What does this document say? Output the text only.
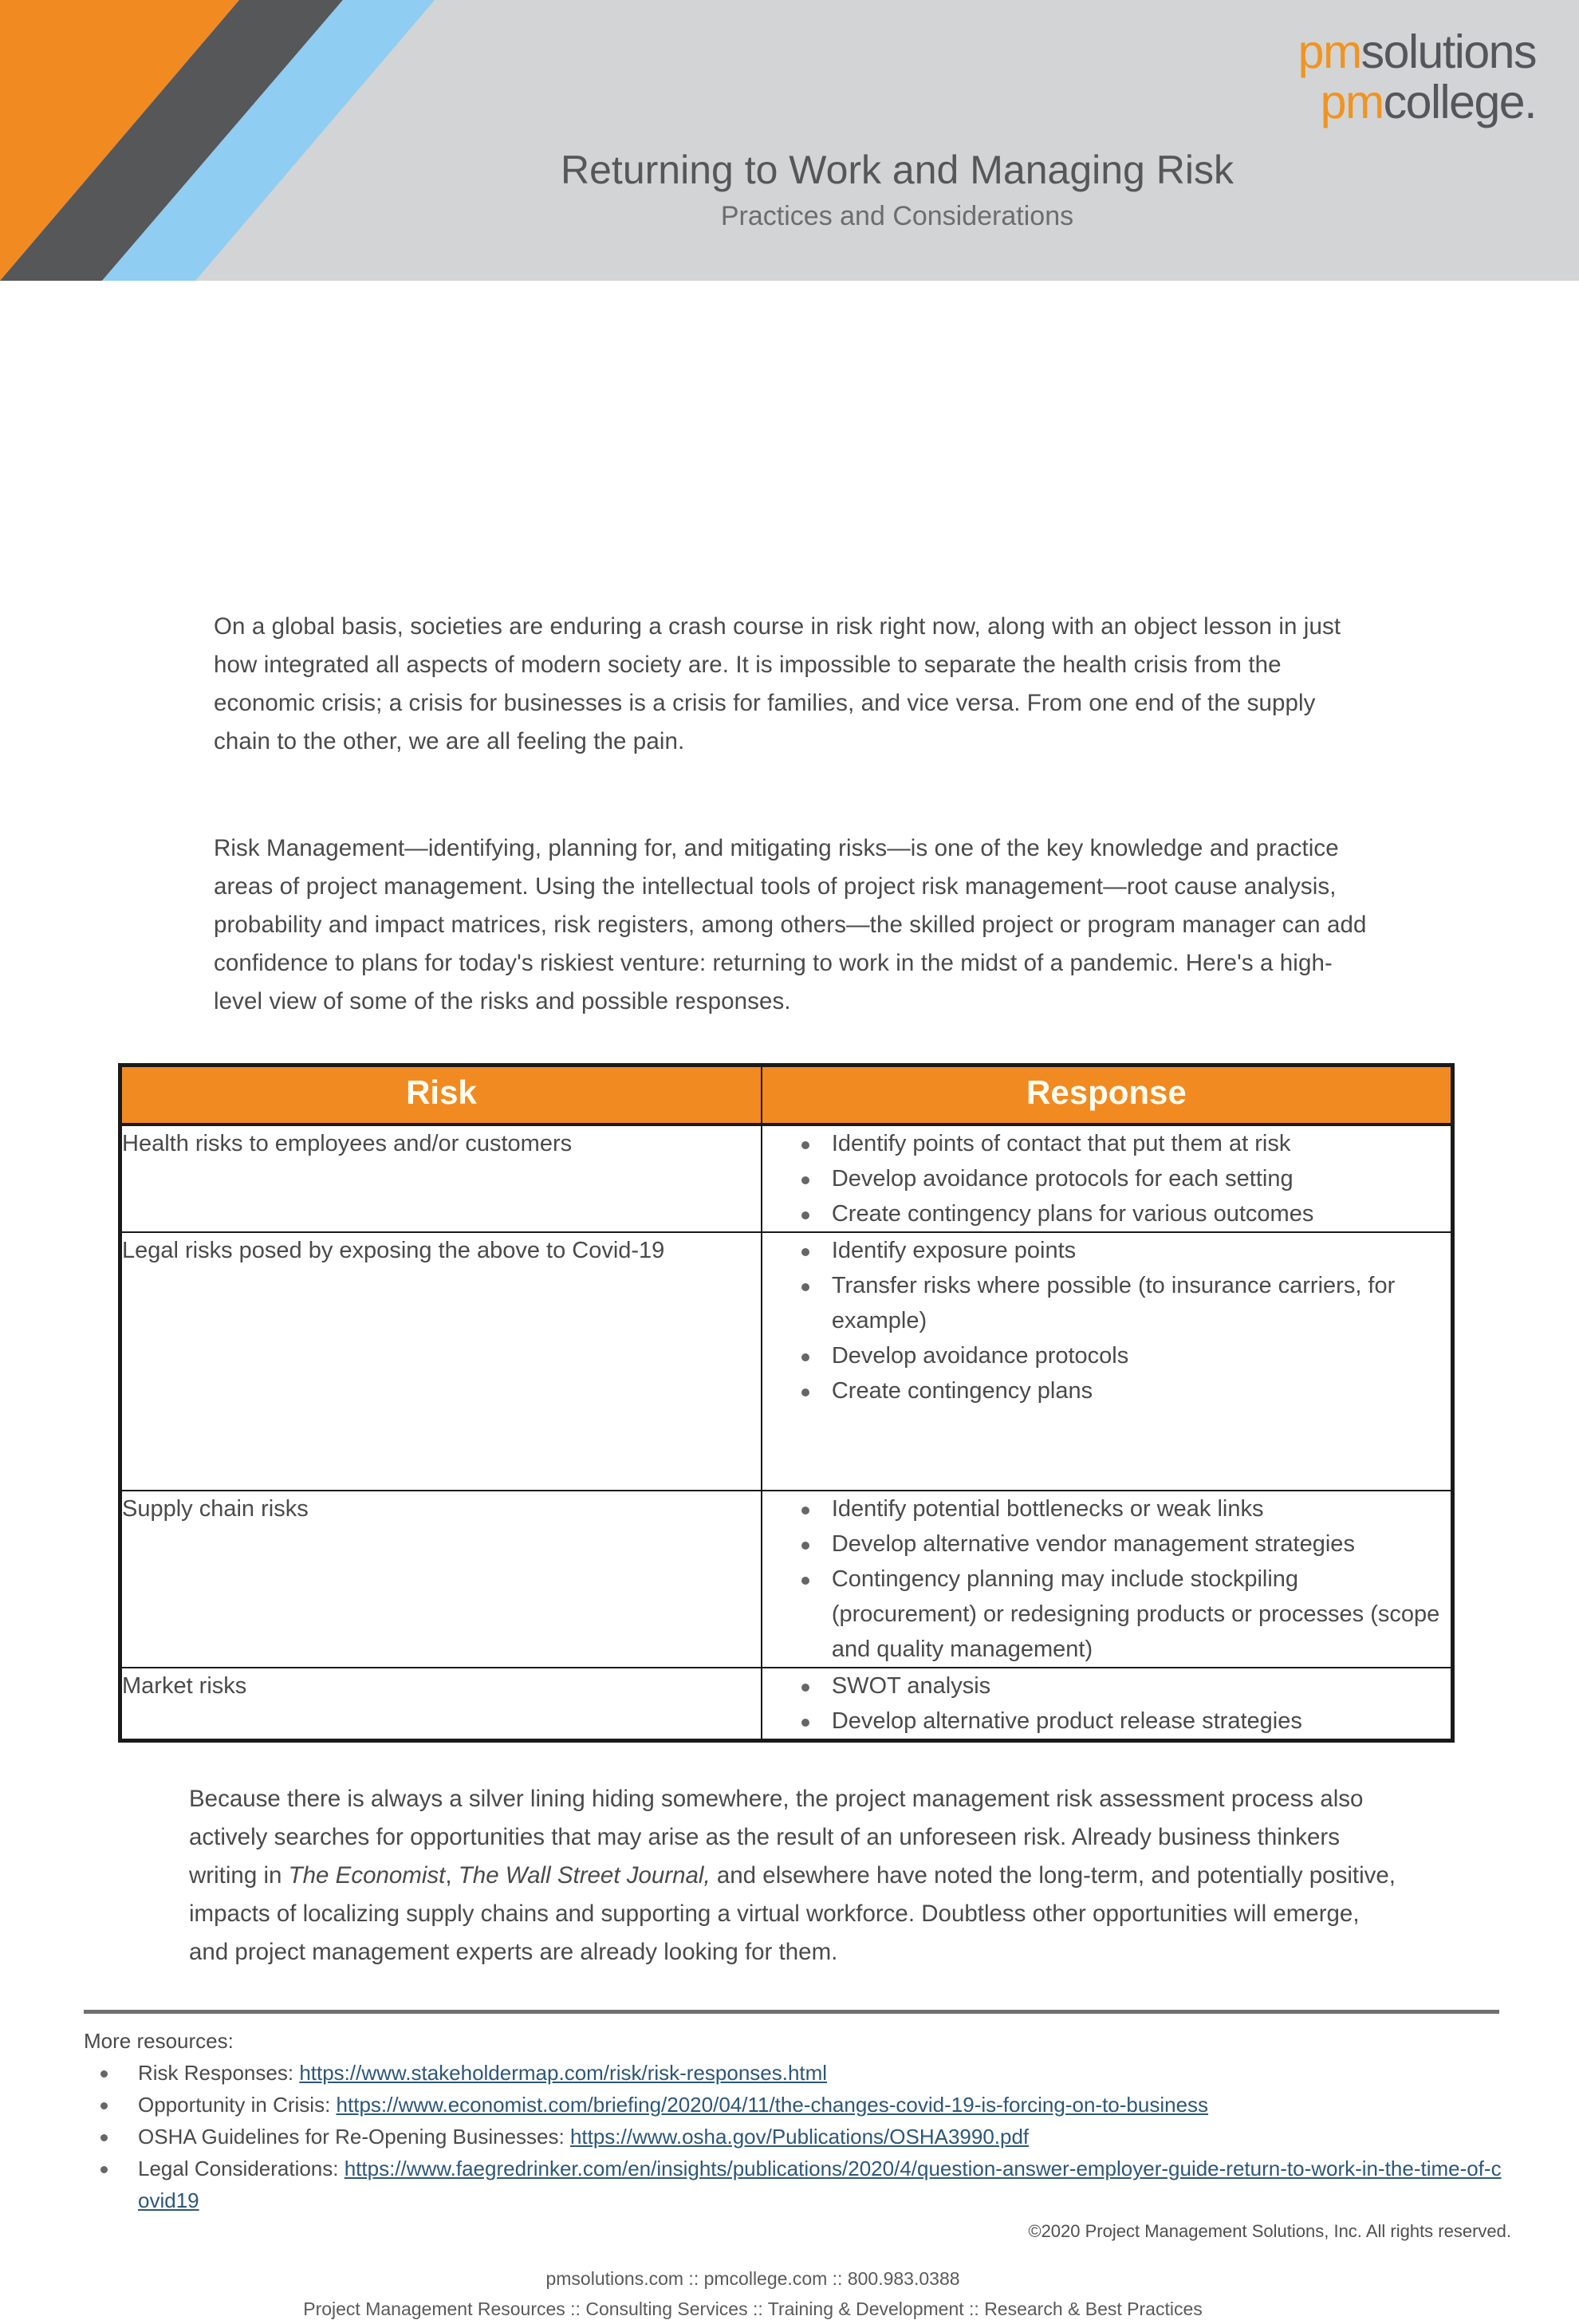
pmsolutions
pmcollege.
Returning to Work and Managing Risk
Practices and Considerations

On a global basis, societies are enduring a crash course in risk right now, along with an object lesson in just how integrated all aspects of modern society are. It is impossible to separate the health crisis from the economic crisis; a crisis for businesses is a crisis for families, and vice versa. From one end of the supply chain to the other, we are all feeling the pain.

Risk Management—identifying, planning for, and mitigating risks—is one of the key knowledge and practice areas of project management. Using the intellectual tools of project risk management—root cause analysis, probability and impact matrices, risk registers, among others—the skilled project or program manager can add confidence to plans for today's riskiest venture: returning to work in the midst of a pandemic. Here's a high-level view of some of the risks and possible responses.

Risk	Response
Health risks to employees and/or customers	Identify points of contact that put them at risk
Develop avoidance protocols for each setting
Create contingency plans for various outcomes

Legal risks posed by exposing the above to Covid-19	Identify exposure points
Transfer risks where possible (to insurance carriers, for example)
Develop avoidance protocols
Create contingency plans

Supply chain risks	Identify potential bottlenecks or weak links
Develop alternative vendor management strategies
Contingency planning may include stockpiling (procurement) or redesigning products or processes (scope and quality management)

Market risks	SWOT analysis
Develop alternative product release strategies

Because there is always a silver lining hiding somewhere, the project management risk assessment process also actively searches for opportunities that may arise as the result of an unforeseen risk. Already business thinkers writing in The Economist, The Wall Street Journal, and elsewhere have noted the long-term, and potentially positive, impacts of localizing supply chains and supporting a virtual workforce. Doubtless other opportunities will emerge, and project management experts are already looking for them.

More resources:
Risk Responses: https://www.stakeholdermap.com/risk/risk-responses.html
Opportunity in Crisis: https://www.economist.com/briefing/2020/04/11/the-changes-covid-19-is-forcing-on-to-business
OSHA Guidelines for Re-Opening Businesses: https://www.osha.gov/Publications/OSHA3990.pdf
Legal Considerations: https://www.faegredrinker.com/en/insights/publications/2020/4/question-answer-employer-guide-return-to-work-in-the-time-of-covid19
©2020 Project Management Solutions, Inc. All rights reserved.
pmsolutions.com :: pmcollege.com :: 800.983.0388
Project Management Resources :: Consulting Services :: Training & Development :: Research & Best Practices
